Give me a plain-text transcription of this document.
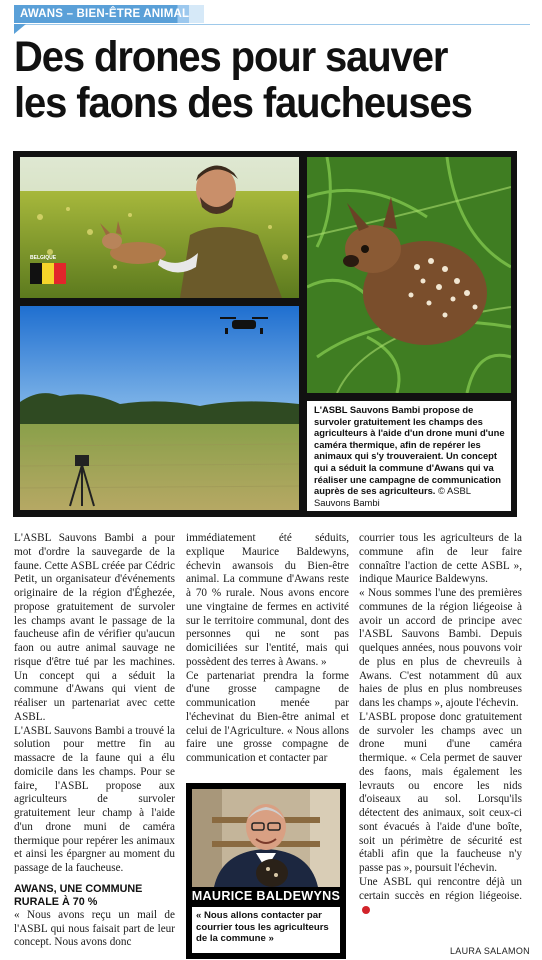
AWANS – BIEN-ÊTRE ANIMAL
Des drones pour sauver les faons des faucheuses
BELGIQUE
L'ASBL Sauvons Bambi propose de survoler gratuitement les champs des agriculteurs à l'aide d'un drone muni d'une caméra thermique, afin de repérer les animaux qui s'y trouveraient. Un concept qui a séduit la commune d'Awans qui va réaliser une campagne de communication auprès de ses agriculteurs. © ASBL Sauvons Bambi

L'ASBL Sauvons Bambi a pour mot d'ordre la sauvegarde de la faune. Cette ASBL créée par Cédric Petit, un organisateur d'événements originaire de la région d'Éghezée, propose gratuitement de survoler les champs avant le passage de la faucheuse afin de vérifier qu'aucun faon ou autre animal sauvage ne risque d'être tué par les machines. Un concept qui a séduit la commune d'Awans qui vient de réaliser un partenariat avec cette ASBL.

L'ASBL Sauvons Bambi a trouvé la solution pour mettre fin au massacre de la faune qui a élu domicile dans les champs. Pour se faire, l'ASBL propose aux agriculteurs de survoler gratuitement leur champ à l'aide d'un drone muni de caméra thermique pour repérer les animaux et ainsi les épargner au moment du passage de la faucheuse.

AWANS, UNE COMMUNE RURALE À 70 %

« Nous avons reçu un mail de l'ASBL qui nous faisait part de leur concept. Nous avons donc

immédiatement été séduits, explique Maurice Baldewyns, échevin awansois du Bien-être animal. La commune d'Awans reste à 70 % rurale. Nous avons encore une vingtaine de fermes en activité sur le territoire communal, dont des personnes qui ne sont pas domiciliées sur l'entité, mais qui possèdent des terres à Awans. »

Ce partenariat prendra la forme d'une grosse campagne de communication menée par l'échevinat du Bien-être animal et celui de l'Agriculture. « Nous allons faire une grosse compagne de communication et contacter par

MAURICE BALDEWYNS
« Nous allons contacter par courrier tous les agriculteurs de la commune »

courrier tous les agriculteurs de la commune afin de leur faire connaître l'action de cette ASBL », indique Maurice Baldewyns.

« Nous sommes l'une des premières communes de la région liégeoise à avoir un accord de principe avec l'ASBL Sauvons Bambi. Depuis quelques années, nous pouvons voir de plus en plus de chevreuils à Awans. C'est notamment dû aux haies de plus en plus nombreuses dans les champs », ajoute l'échevin.

L'ASBL propose donc gratuitement de survoler les champs avec un drone muni d'une caméra thermique. « Cela permet de sauver des faons, mais également les levrauts ou encore les nids d'oiseaux au sol. Lorsqu'ils détectent des animaux, soit ceux-ci sont évacués à l'aide d'une boîte, soit un périmètre de sécurité est établi afin que la faucheuse n'y passe pas », poursuit l'échevin.

Une ASBL qui rencontre déjà un certain succès en région liégeoise.

LAURA SALAMON
